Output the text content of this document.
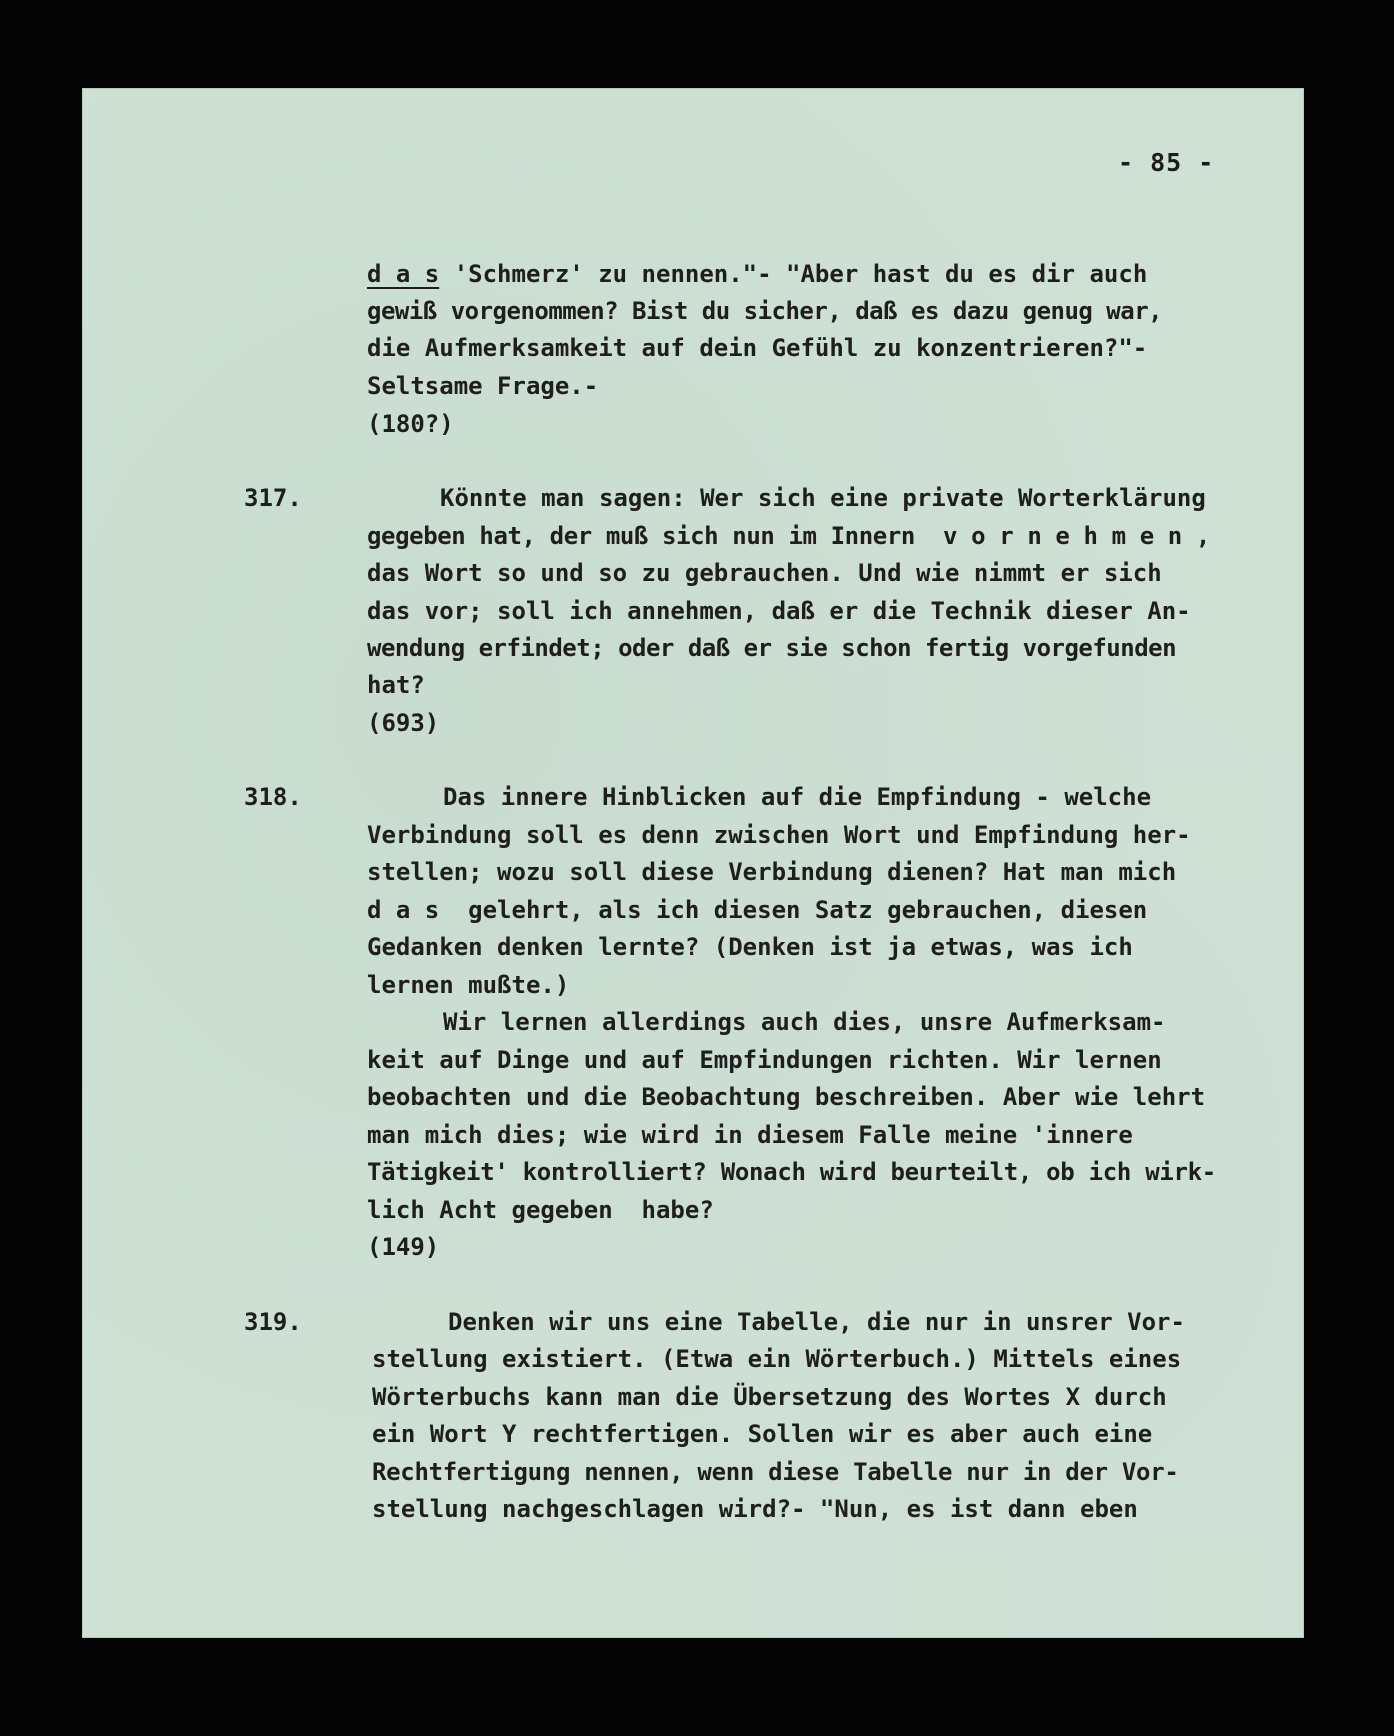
- 85 -
d a s 'Schmerz' zu nennen."- "Aber hast du es dir auch
gewiß vorgenommen? Bist du sicher, daß es dazu genug war,
die Aufmerksamkeit auf dein Gefühl zu konzentrieren?"-
Seltsame Frage.-
(180?)
317.	Könnte man sagen: Wer sich eine private Worterklärung
gegeben hat, der muß sich nun im Innern  v o r n e h m e n ,
das Wort so und so zu gebrauchen. Und wie nimmt er sich
das vor; soll ich annehmen, daß er die Technik dieser An-
wendung erfindet; oder daß er sie schon fertig vorgefunden
hat?
(693)
318.	Das innere Hinblicken auf die Empfindung - welche
Verbindung soll es denn zwischen Wort und Empfindung her-
stellen; wozu soll diese Verbindung dienen? Hat man mich
d a s  gelehrt, als ich diesen Satz gebrauchen, diesen
Gedanken denken lernte? (Denken ist ja etwas, was ich
lernen mußte.)
Wir lernen allerdings auch dies, unsre Aufmerksam-
keit auf Dinge und auf Empfindungen richten. Wir lernen
beobachten und die Beobachtung beschreiben. Aber wie lehrt
man mich dies; wie wird in diesem Falle meine 'innere
Tätigkeit' kontrolliert? Wonach wird beurteilt, ob ich wirk-
lich Acht gegeben  habe?
(149)
319.	Denken wir uns eine Tabelle, die nur in unsrer Vor-
stellung existiert. (Etwa ein Wörterbuch.) Mittels eines
Wörterbuchs kann man die Übersetzung des Wortes X durch
ein Wort Y rechtfertigen. Sollen wir es aber auch eine
Rechtfertigung nennen, wenn diese Tabelle nur in der Vor-
stellung nachgeschlagen wird?- "Nun, es ist dann eben
